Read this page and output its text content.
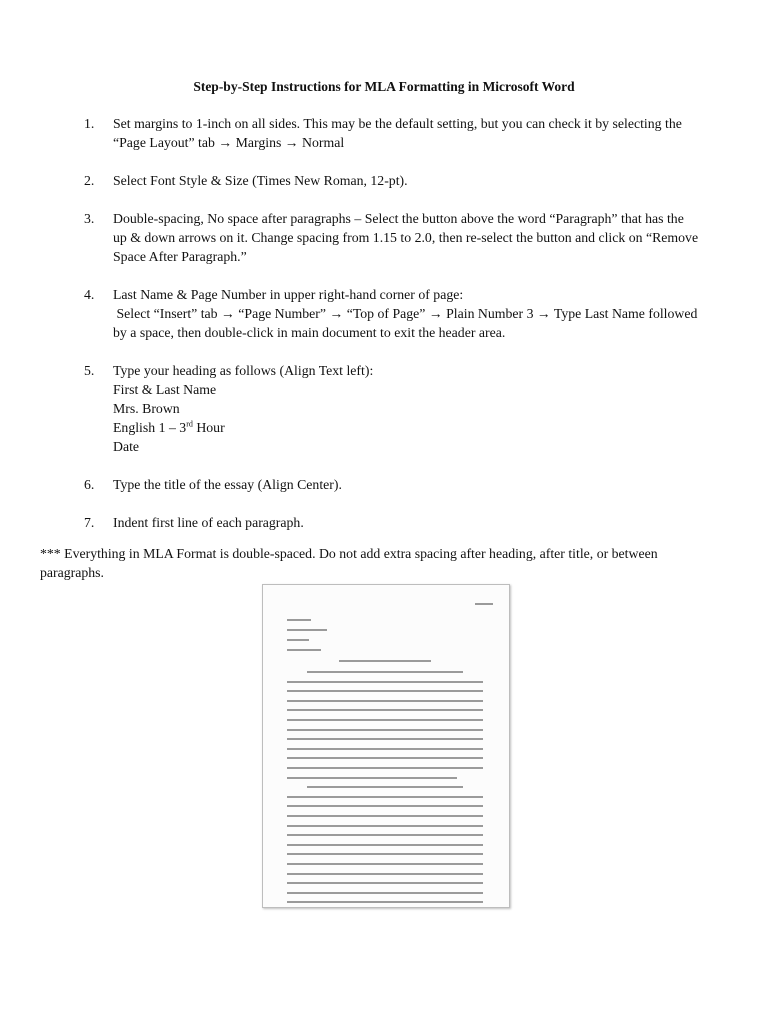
Step-by-Step Instructions for MLA Formatting in Microsoft Word
1.	Set margins to 1-inch on all sides. This may be the default setting, but you can check it by selecting the
“Page Layout” tab → Margins → Normal
2.	Select Font Style & Size (Times New Roman, 12-pt).
3.	Double-spacing, No space after paragraphs – Select the button above the word “Paragraph” that has the
up & down arrows on it. Change spacing from 1.15 to 2.0, then re-select the button and click on “Remove
Space After Paragraph.”
4.	Last Name & Page Number in upper right-hand corner of page:
Select “Insert” tab → “Page Number” → “Top of Page” → Plain Number 3 → Type Last Name followed
by a space, then double-click in main document to exit the header area.
5.	Type your heading as follows (Align Text left):
First & Last Name
Mrs. Brown
English 1 – 3rd Hour
Date
6.	Type the title of the essay (Align Center).
7.	Indent first line of each paragraph.
*** Everything in MLA Format is double-spaced. Do not add extra spacing after heading, after title, or between
paragraphs.
